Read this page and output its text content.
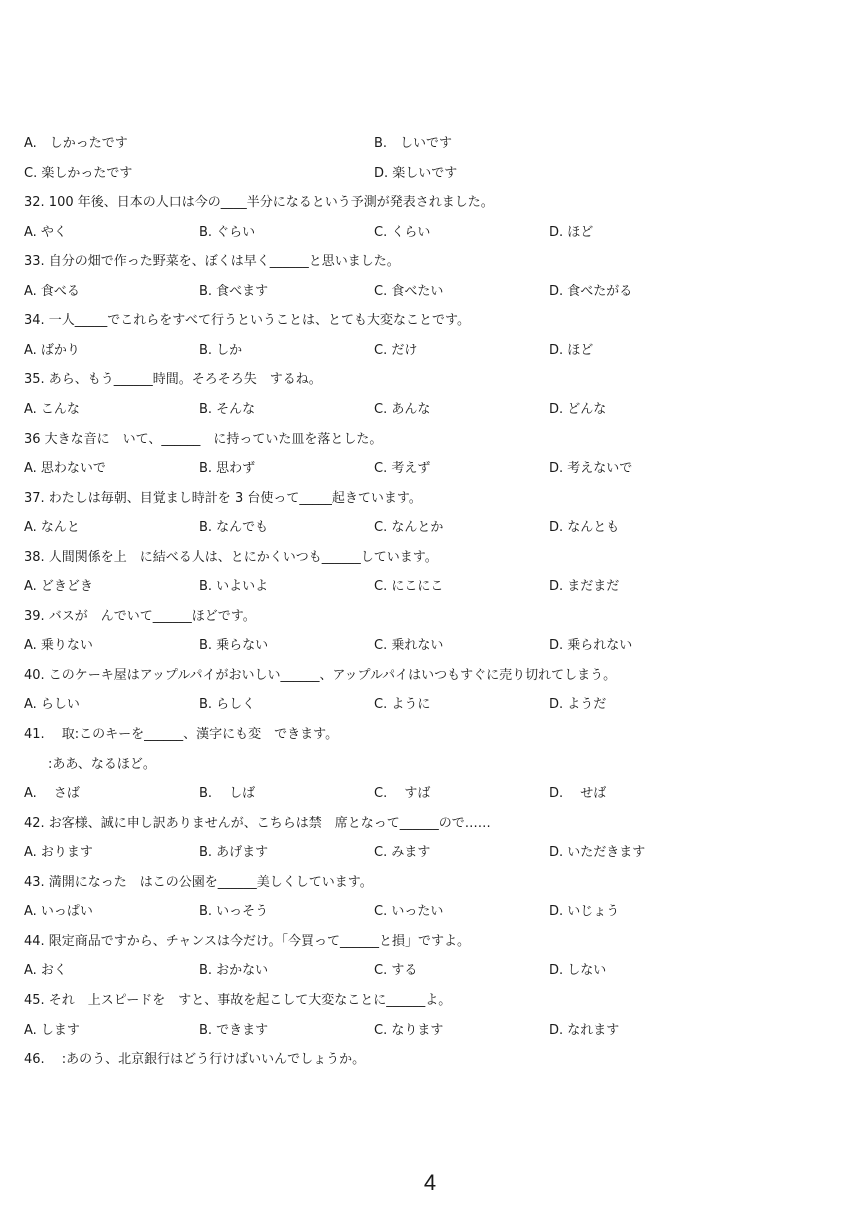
A.　しかったです	B.　しいです
C. 楽しかったです	D. 楽しいです
32. 100 年後、日本の人口は今の____半分になるという予測が発表されました。
A. やく	B. ぐらい	C. くらい	D. ほど
33. 自分の畑で作った野菜を、ぼくは早く______と思いました。
A. 食べる	B. 食べます	C. 食べたい	D. 食べたがる
34. 一人_____でこれらをすべて行うということは、とても大変なことです。
A. ばかり	B. しか	C. だけ	D. ほど
35. あら、もう______時間。そろそろ失　するね。
A. こんな	B. そんな	C. あんな	D. どんな
36 大きな音に　いて、______　に持っていた皿を落とした。
A. 思わないで	B. 思わず	C. 考えず	D. 考えないで
37. わたしは毎朝、目覚まし時計を 3 台使って_____起きています。
A. なんと	B. なんでも	C. なんとか	D. なんとも
38. 人間関係を上　に結べる人は、とにかくいつも______しています。
A. どきどき	B. いよいよ	C. にこにこ	D. まだまだ
39. バスが　んでいて______ほどです。
A. 乗りない	B. 乗らない	C. 乗れない	D. 乗られない
40. このケーキ屋はアップルパイがおいしい______、アップルパイはいつもすぐに売り切れてしまう。
A. らしい	B. らしく	C. ように	D. ようだ
41.　 取:このキーを______、漢字にも変　できます。
:ああ、なるほど。
A.　 さば	B.　 しば	C.　 すば	D.　 せば
42. お客様、誠に申し訳ありませんが、こちらは禁　席となって______ので……
A. おります	B. あげます	C. みます	D. いただきます
43. 満開になった　はこの公園を______美しくしています。
A. いっぱい	B. いっそう	C. いったい	D. いじょう
44. 限定商品ですから、チャンスは今だけ。「今買って______と損」ですよ。
A. おく	B. おかない	C. する	D. しない
45. それ　上スピードを　すと、事故を起こして大変なことに______よ。
A. します	B. できます	C. なります	D. なれます
46.　 :あのう、北京銀行はどう行けばいいんでしょうか。
4
